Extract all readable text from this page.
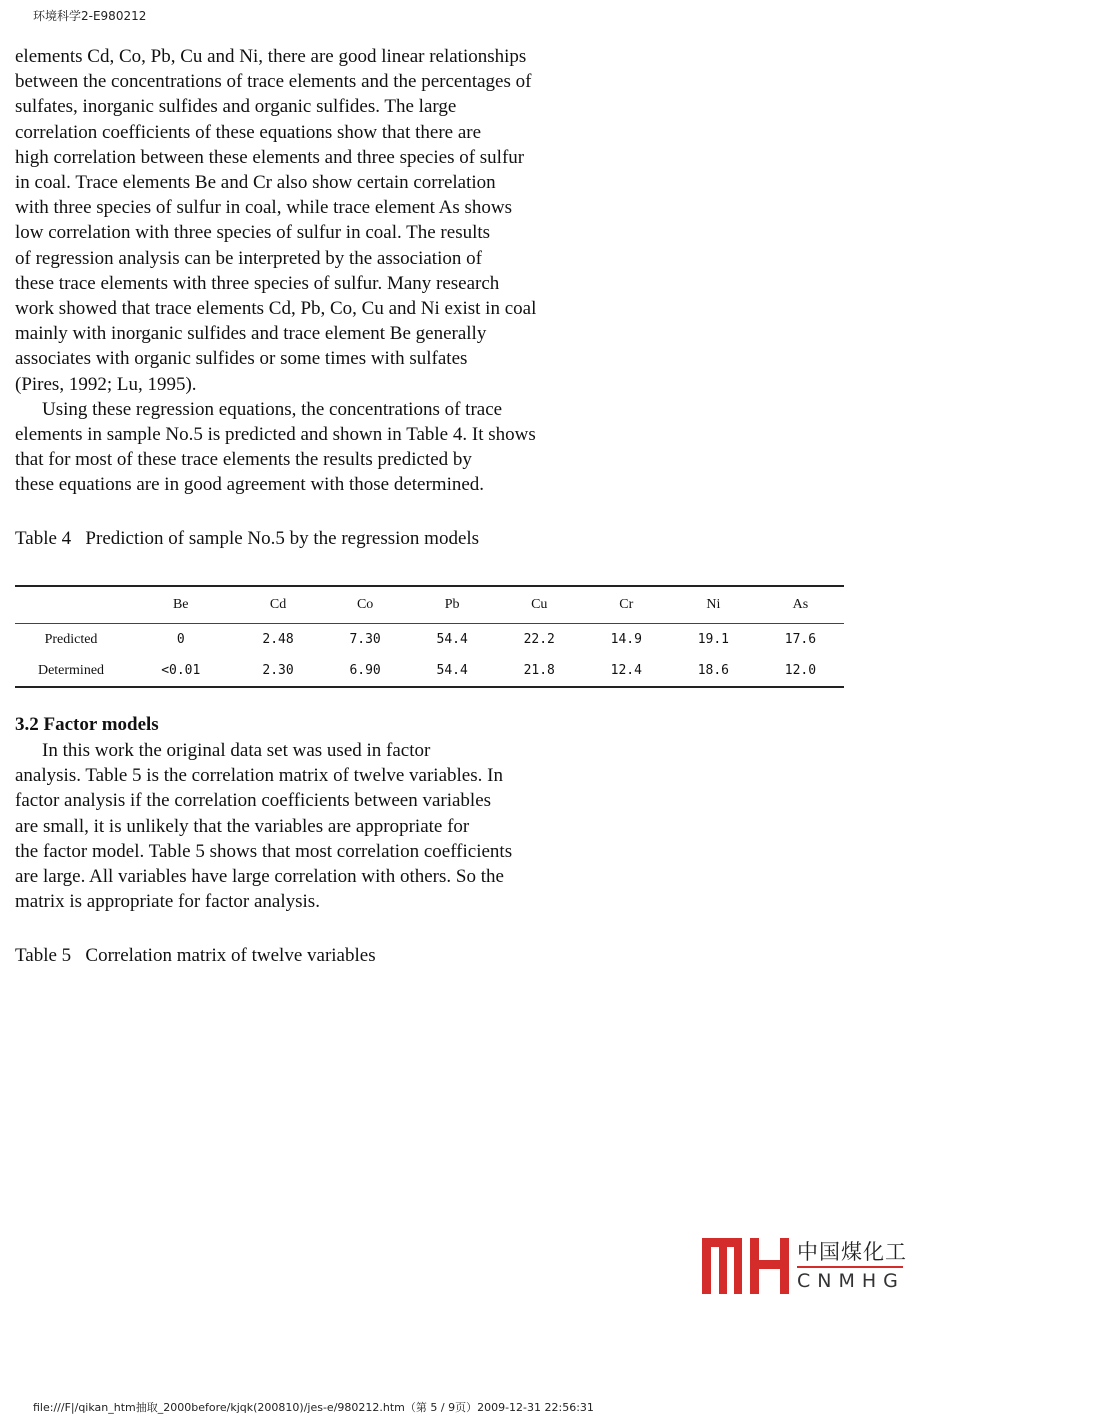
环境科学2-E980212
elements Cd, Co, Pb, Cu and Ni, there are good linear relationships
between the concentrations of trace elements and the percentages of
sulfates, inorganic sulfides and organic sulfides. The large
correlation coefficients of these equations show that there are
high correlation between these elements and three species of sulfur
in coal. Trace elements Be and Cr also show certain correlation
with three species of sulfur in coal, while trace element As shows
low correlation with three species of sulfur in coal. The results
of regression analysis can be interpreted by the association of
these trace elements with three species of sulfur. Many research
work showed that trace elements Cd, Pb, Co, Cu and Ni exist in coal
mainly with inorganic sulfides and trace element Be generally
associates with organic sulfides or some times with sulfates
(Pires, 1992; Lu, 1995).
Using these regression equations, the concentrations of trace
elements in sample No.5 is predicted and shown in Table 4. It shows
that for most of these trace elements the results predicted by
these equations are in good agreement with those determined.
Table 4   Prediction of sample No.5 by the regression models
	Be	Cd	Co	Pb	Cu	Cr	Ni	As
Predicted	0	2.48	7.30	54.4	22.2	14.9	19.1	17.6
Determined	<0.01	2.30	6.90	54.4	21.8	12.4	18.6	12.0
3.2 Factor models
In this work the original data set was used in factor
analysis. Table 5 is the correlation matrix of twelve variables. In
factor analysis if the correlation coefficients between variables
are small, it is unlikely that the variables are appropriate for
the factor model. Table 5 shows that most correlation coefficients
are large. All variables have large correlation with others. So the
matrix is appropriate for factor analysis.
Table 5   Correlation matrix of twelve variables
中国煤化工
CNMHG
file:///F|/qikan_htm抽取_2000before/kjqk(200810)/jes-e/980212.htm（第 5 / 9页）2009-12-31 22:56:31
